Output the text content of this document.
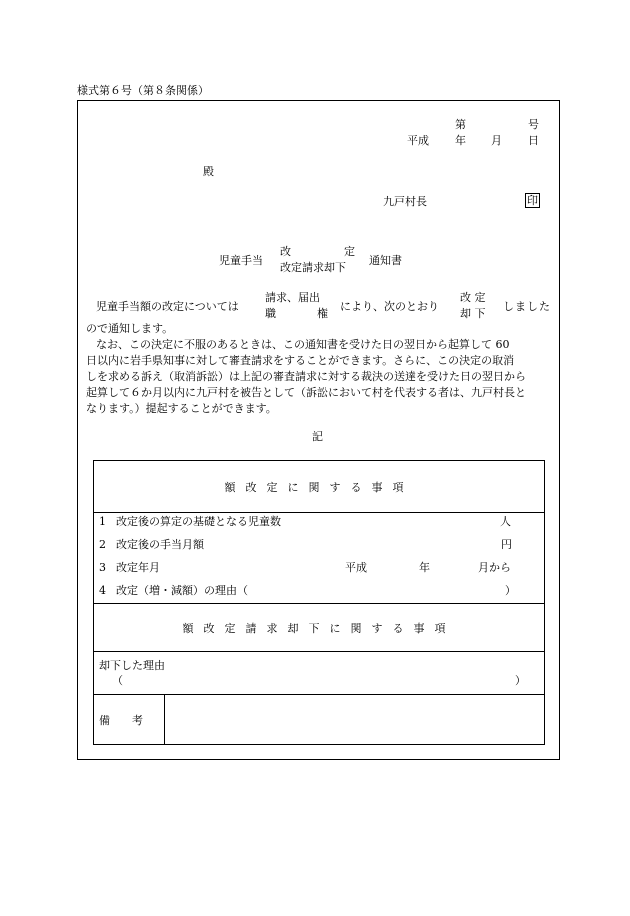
様式第６号（第８条関係）
第	号
平成 年 月 日
殿
九戸村長	印
児童手当
改	定
改定請求却下
通知書
児童手当額の改定については
請求、届出
職	権
により、次のとおり
改 定
却 下
しました
ので通知します。
なお、この決定に不服のあるときは、この通知書を受けた日の翌日から起算して 60
日以内に岩手県知事に対して審査請求をすることができます。さらに、この決定の取消
しを求める訴え（取消訴訟）は上記の審査請求に対する裁決の送達を受けた日の翌日から
起算して６か月以内に九戸村を被告として（訴訟において村を代表する者は、九戸村長と
なります。）提起することができます。
記
額改定に関する事項
1 改定後の算定の基礎となる児童数	人
2 改定後の手当月額	円
3 改定年月	平成	年	月から
4 改定（増・減額）の理由（	）
額改定請求却下に関する事項
却下した理由
（	）
備　　考
